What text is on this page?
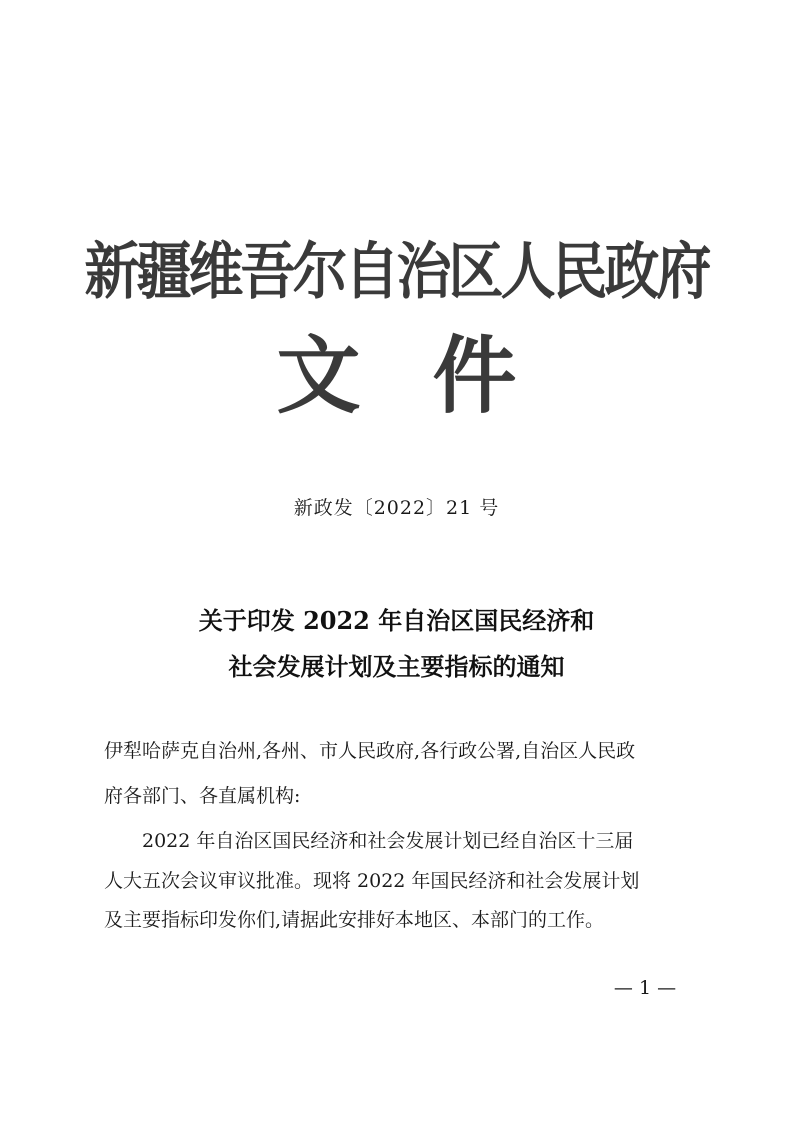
新疆维吾尔自治区人民政府
文 件
新政发〔2022〕21 号
关于印发 2022 年自治区国民经济和
社会发展计划及主要指标的通知
伊犁哈萨克自治州,各州、市人民政府,各行政公署,自治区人民政
府各部门、各直属机构:
　　2022 年自治区国民经济和社会发展计划已经自治区十三届
人大五次会议审议批准。现将 2022 年国民经济和社会发展计划
及主要指标印发你们,请据此安排好本地区、本部门的工作。
— 1 —
